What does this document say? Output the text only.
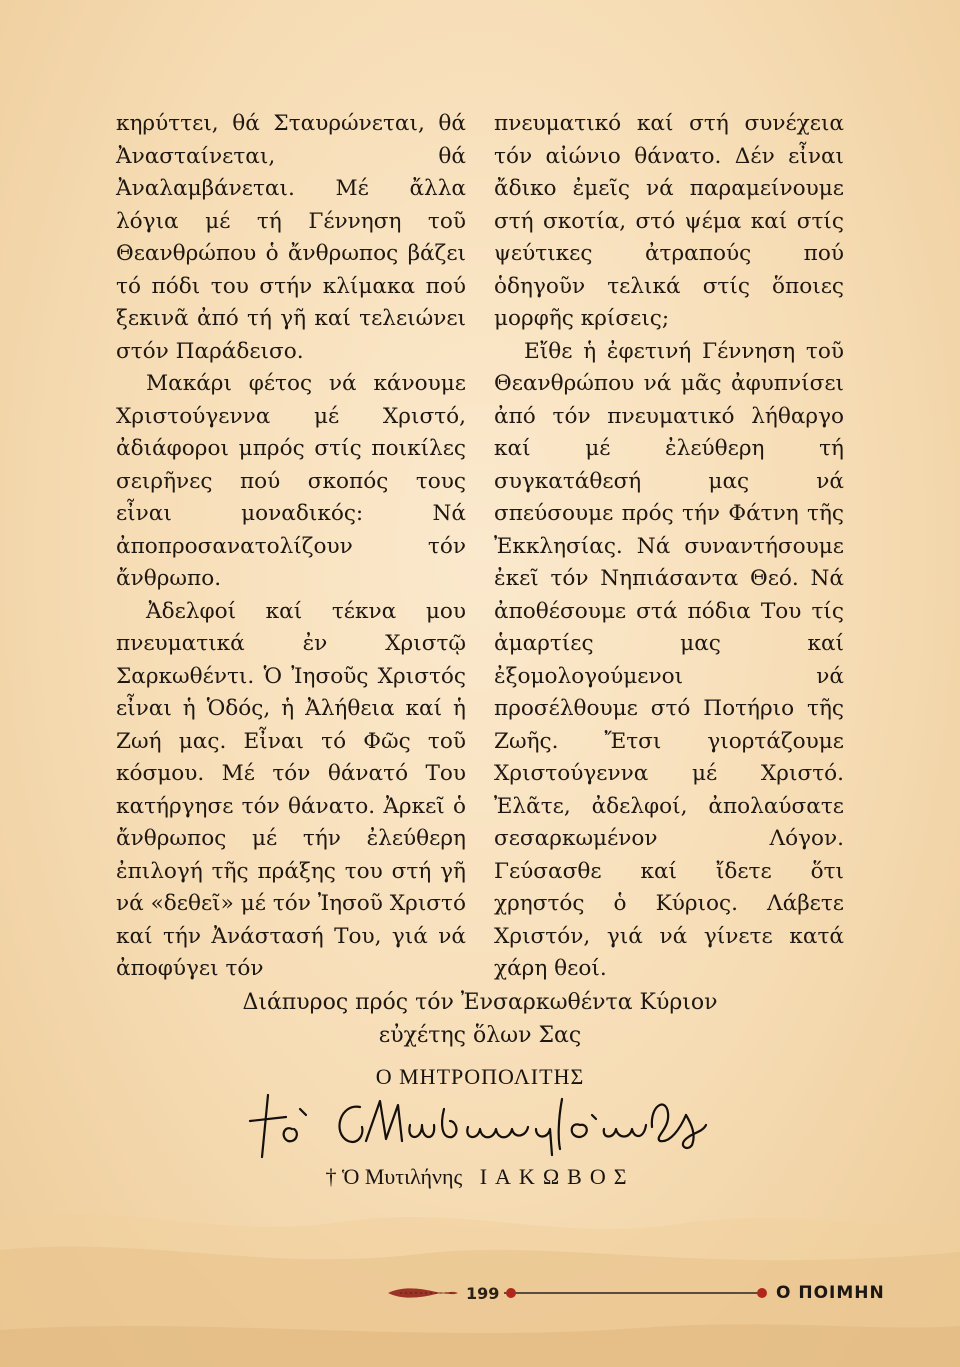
κηρύττει, θά Σταυρώνεται, θά Ἀνασταίνεται, θά Ἀναλαμβάνεται. Μέ ἄλλα λόγια μέ τή Γέννηση τοῦ Θεανθρώπου ὁ ἄνθρωπος βάζει τό πόδι του στήν κλίμακα πού ξεκινᾶ ἀπό τή γῆ καί τελειώνει στόν Παράδεισο.

Μακάρι φέτος νά κάνουμε Χριστούγεννα μέ Χριστό, ἀδιάφοροι μπρός στίς ποικίλες σειρῆνες πού σκοπός τους εἶναι μοναδικός: Νά ἀποπροσανατολίζουν τόν ἄνθρωπο.

Ἀδελφοί καί τέκνα μου πνευματικά ἐν Χριστῷ Σαρκωθέντι. Ὁ Ἰησοῦς Χριστός εἶναι ἡ Ὁδός, ἡ Ἀλήθεια καί ἡ Ζωή μας. Εἶναι τό Φῶς τοῦ κόσμου. Μέ τόν θάνατό Του κατήργησε τόν θάνατο. Ἀρκεῖ ὁ ἄνθρωπος μέ τήν ἐλεύθερη ἐπιλογή τῆς πράξης του στή γῆ νά «δεθεῖ» μέ τόν Ἰησοῦ Χριστό καί τήν Ἀνάστασή Του, γιά νά ἀποφύγει τόν

πνευματικό καί στή συνέχεια τόν αἰώνιο θάνατο. Δέν εἶναι ἄδικο ἐμεῖς νά παραμείνουμε στή σκοτία, στό ψέμα καί στίς ψεύτικες ἀτραπούς πού ὁδηγοῦν τελικά στίς ὅποιες μορφῆς κρίσεις;

Εἴθε ἡ ἐφετινή Γέννηση τοῦ Θεανθρώπου νά μᾶς ἀφυπνίσει ἀπό τόν πνευματικό λήθαργο καί μέ ἐλεύθερη τή συγκατάθεσή μας νά σπεύσουμε πρός τήν Φάτνη τῆς Ἐκκλησίας. Νά συναντήσουμε ἐκεῖ τόν Νηπιάσαντα Θεό. Νά ἀποθέσουμε στά πόδια Του τίς ἁμαρτίες μας καί ἐξομολογούμενοι νά προσέλθουμε στό Ποτήριο τῆς Ζωῆς. Ἔτσι γιορτάζουμε Χριστούγεννα μέ Χριστό. Ἐλᾶτε, ἀδελφοί, ἀπολαύσατε σεσαρκωμένον Λόγον. Γεύσασθε καί ἴδετε ὅτι χρηστός ὁ Κύριος. Λάβετε Χριστόν, γιά νά γίνετε κατά χάρη θεοί.

Διάπυρος πρός τόν Ἐνσαρκωθέντα Κύριον
εὐχέτης ὅλων Σας
Ο ΜΗΤΡΟΠΟΛΙΤΗΣ
† Ὁ Μυτιλήνης ΙΑΚΩΒΟΣ
199	Ο ΠΟΙΜΗΝ
